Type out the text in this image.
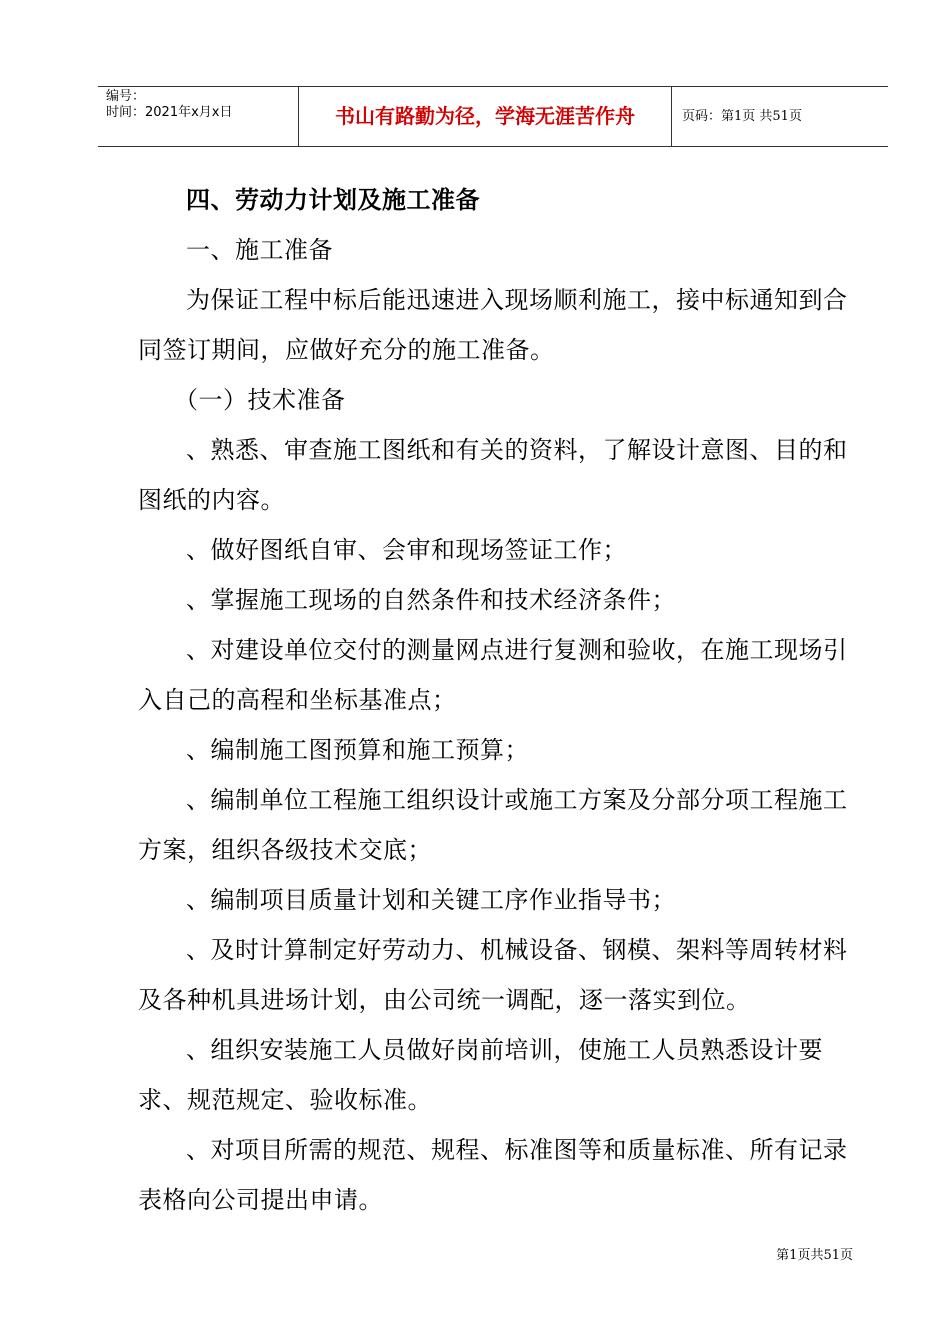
编号：
时间：2021年x月x日	书山有路勤为径，学海无涯苦作舟	页码：第1页 共51页

四、劳动力计划及施工准备

一、施工准备

为保证工程中标后能迅速进入现场顺利施工，接中标通知到合同签订期间，应做好充分的施工准备。

（一）技术准备

、熟悉、审查施工图纸和有关的资料，了解设计意图、目的和图纸的内容。

、做好图纸自审、会审和现场签证工作；

、掌握施工现场的自然条件和技术经济条件；

、对建设单位交付的测量网点进行复测和验收，在施工现场引入自己的高程和坐标基准点；

、编制施工图预算和施工预算；

、编制单位工程施工组织设计或施工方案及分部分项工程施工方案，组织各级技术交底；

、编制项目质量计划和关键工序作业指导书；

、及时计算制定好劳动力、机械设备、钢模、架料等周转材料及各种机具进场计划，由公司统一调配，逐一落实到位。

、组织安装施工人员做好岗前培训，使施工人员熟悉设计要求、规范规定、验收标准。

、对项目所需的规范、规程、标准图等和质量标准、所有记录表格向公司提出申请。

第1页共51页
